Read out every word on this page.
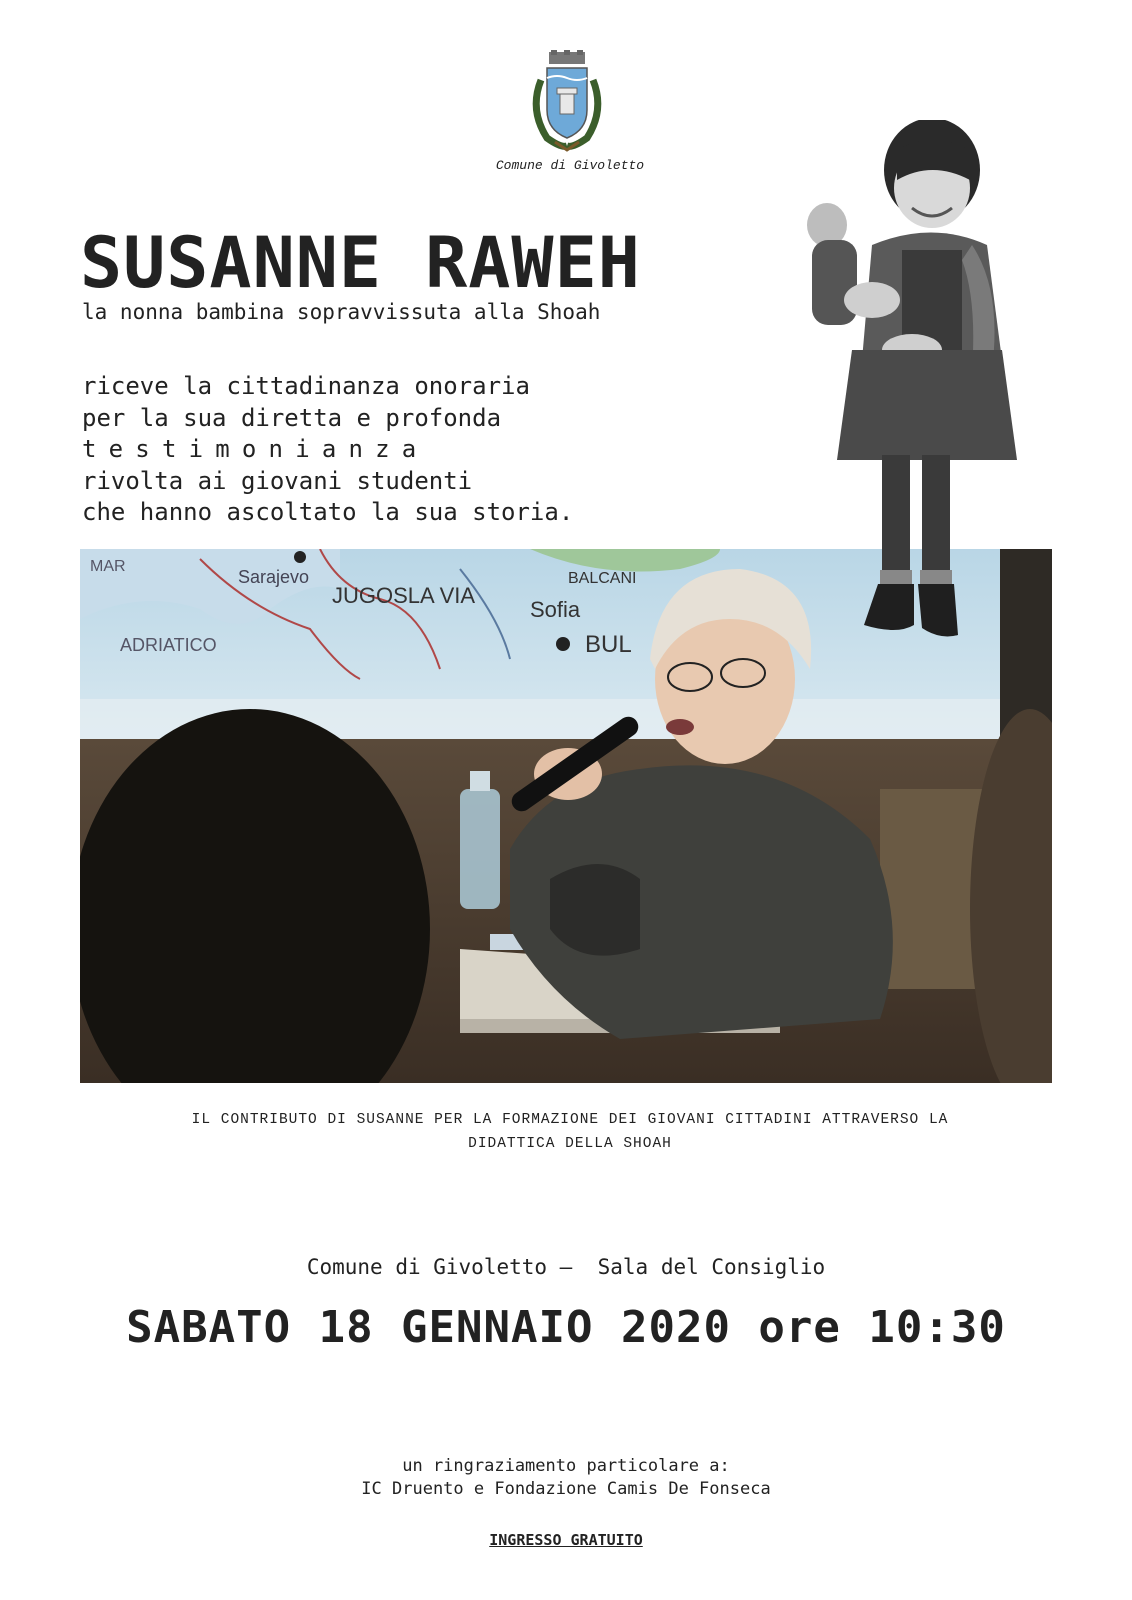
Comune di Givoletto
SUSANNE RAWEH
la nonna bambina sopravvissuta alla Shoah
riceve la cittadinanza onoraria
per la sua diretta e profonda
testimonianza
rivolta ai giovani studenti
che hanno ascoltato la sua storia.
MAR
Sarajevo
JUGOSLA VIA
Sofia
BALCANI
ADRIATICO	BUL
IL CONTRIBUTO DI SUSANNE PER LA FORMAZIONE DEI GIOVANI CITTADINI ATTRAVERSO LA
DIDATTICA DELLA SHOAH
Comune di Givoletto –  Sala del Consiglio
SABATO 18 GENNAIO 2020 ore 10:30
un ringraziamento particolare a:
IC Druento e Fondazione Camis De Fonseca
INGRESSO GRATUITO
